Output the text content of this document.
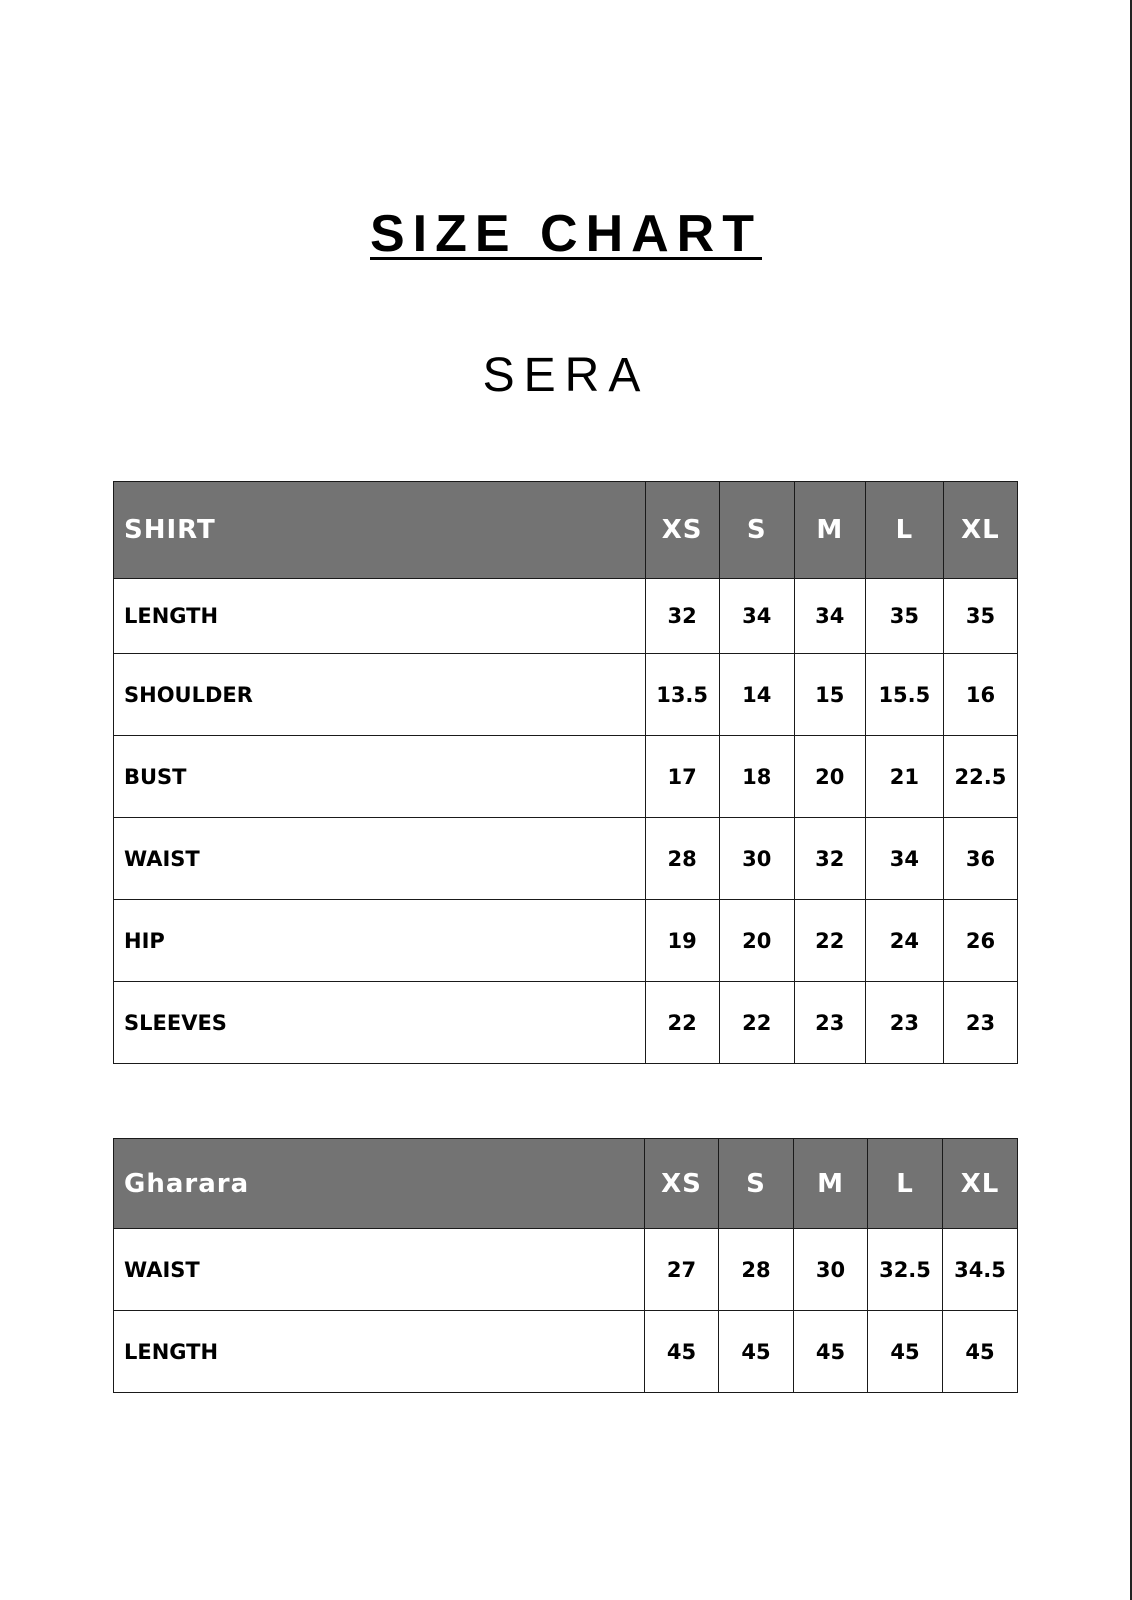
SIZE CHART
SERA
SHIRT	XS	S	M	L	XL
LENGTH	32	34	34	35	35
SHOULDER	13.5	14	15	15.5	16
BUST	17	18	20	21	22.5
WAIST	28	30	32	34	36
HIP	19	20	22	24	26
SLEEVES	22	22	23	23	23
Gharara	XS	S	M	L	XL
WAIST	27	28	30	32.5	34.5
LENGTH	45	45	45	45	45
